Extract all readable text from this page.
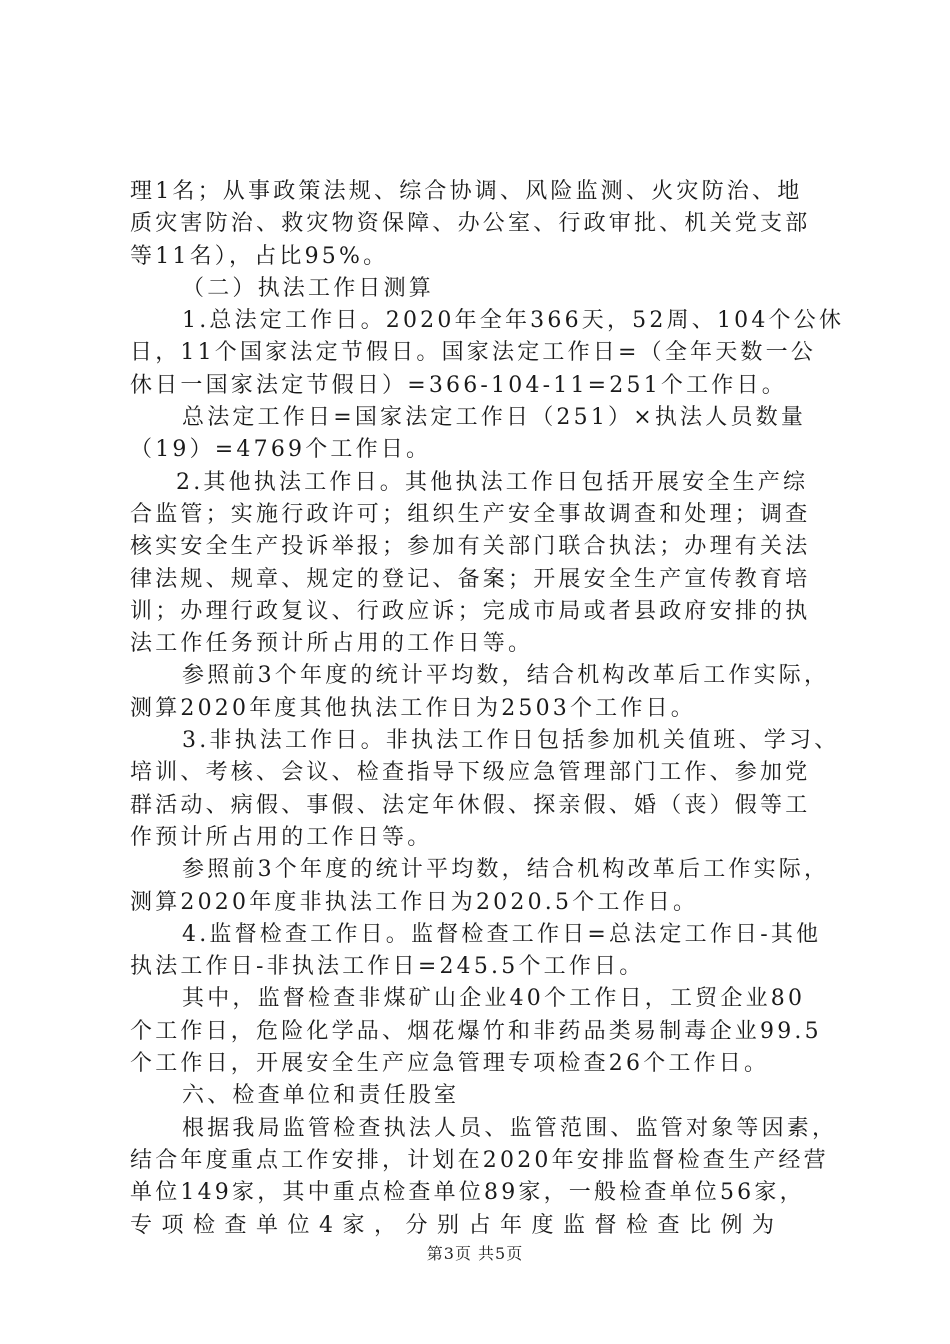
理1名；从事政策法规、综合协调、风险监测、火灾防治、地
质灾害防治、救灾物资保障、办公室、行政审批、机关党支部
等11名），占比95%。
（二）执法工作日测算
1.总法定工作日。2020年全年366天，52周、104个公休
日，11个国家法定节假日。国家法定工作日=（全年天数一公
休日一国家法定节假日）=366-104-11=251个工作日。
总法定工作日=国家法定工作日（251）×执法人员数量
（19）=4769个工作日。
2.其他执法工作日。其他执法工作日包括开展安全生产综
合监管；实施行政许可；组织生产安全事故调查和处理；调查
核实安全生产投诉举报；参加有关部门联合执法；办理有关法
律法规、规章、规定的登记、备案；开展安全生产宣传教育培
训；办理行政复议、行政应诉；完成市局或者县政府安排的执
法工作任务预计所占用的工作日等。
参照前3个年度的统计平均数，结合机构改革后工作实际，
测算2020年度其他执法工作日为2503个工作日。
3.非执法工作日。非执法工作日包括参加机关值班、学习、
培训、考核、会议、检查指导下级应急管理部门工作、参加党
群活动、病假、事假、法定年休假、探亲假、婚（丧）假等工
作预计所占用的工作日等。
参照前3个年度的统计平均数，结合机构改革后工作实际，
测算2020年度非执法工作日为2020.5个工作日。
4.监督检查工作日。监督检查工作日=总法定工作日-其他
执法工作日-非执法工作日=245.5个工作日。
其中，监督检查非煤矿山企业40个工作日，工贸企业80
个工作日，危险化学品、烟花爆竹和非药品类易制毒企业99.5
个工作日，开展安全生产应急管理专项检查26个工作日。
六、检查单位和责任股室
根据我局监管检查执法人员、监管范围、监管对象等因素，
结合年度重点工作安排，计划在2020年安排监督检查生产经营
单位149家，其中重点检查单位89家，一般检查单位56家，
专项检查单位4家，分别占年度监督检查比例为
第3页 共5页
